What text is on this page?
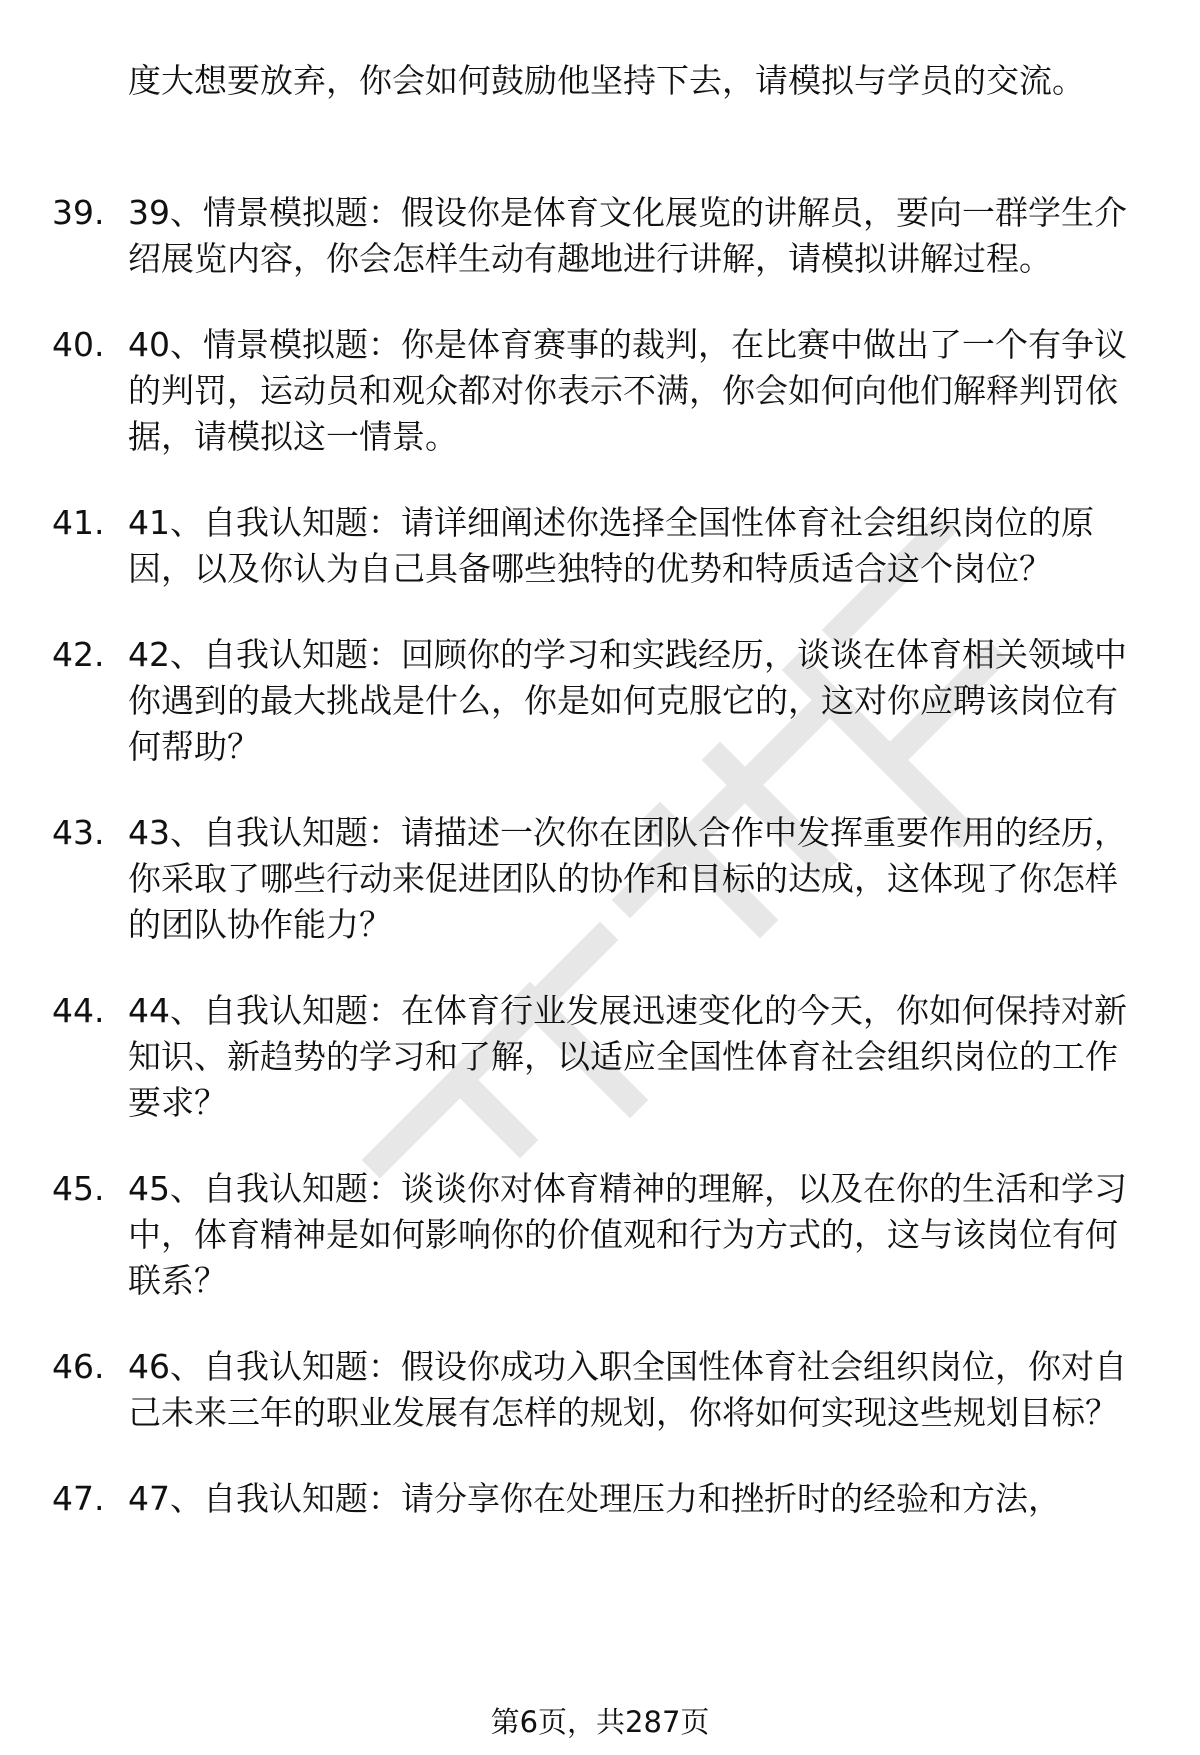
度大想要放弃，你会如何鼓励他坚持下去，请模拟与学员的交流。

39. 39、情景模拟题：假设你是体育文化展览的讲解员，要向一群学生介绍展览内容，你会怎样生动有趣地进行讲解，请模拟讲解过程。
40. 40、情景模拟题：你是体育赛事的裁判，在比赛中做出了一个有争议的判罚，运动员和观众都对你表示不满，你会如何向他们解释判罚依据，请模拟这一情景。
41. 41、自我认知题：请详细阐述你选择全国性体育社会组织岗位的原因，以及你认为自己具备哪些独特的优势和特质适合这个岗位？
42. 42、自我认知题：回顾你的学习和实践经历，谈谈在体育相关领域中你遇到的最大挑战是什么，你是如何克服它的，这对你应聘该岗位有何帮助？
43. 43、自我认知题：请描述一次你在团队合作中发挥重要作用的经历，你采取了哪些行动来促进团队的协作和目标的达成，这体现了你怎样的团队协作能力？
44. 44、自我认知题：在体育行业发展迅速变化的今天，你如何保持对新知识、新趋势的学习和了解，以适应全国性体育社会组织岗位的工作要求？
45. 45、自我认知题：谈谈你对体育精神的理解，以及在你的生活和学习中，体育精神是如何影响你的价值观和行为方式的，这与该岗位有何联系？
46. 46、自我认知题：假设你成功入职全国性体育社会组织岗位，你对自己未来三年的职业发展有怎样的规划，你将如何实现这些规划目标？
47. 47、自我认知题：请分享你在处理压力和挫折时的经验和方法，
第6页，共287页
